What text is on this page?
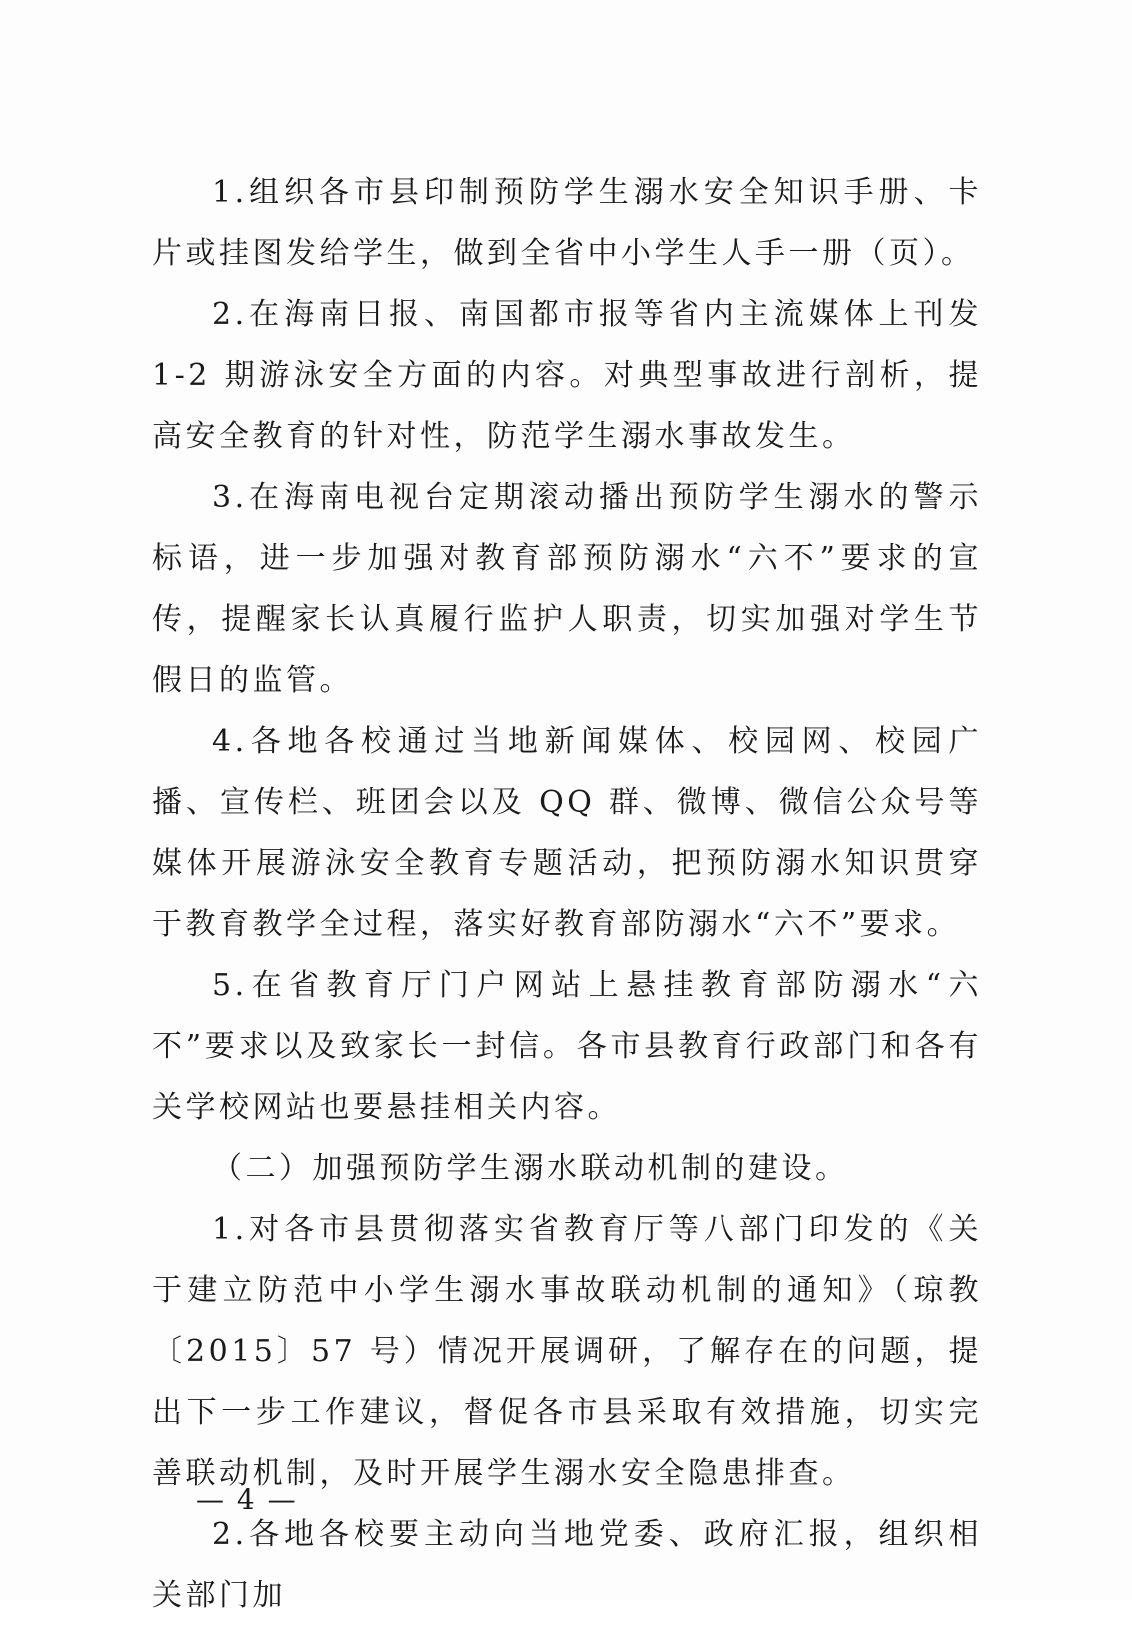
1.组织各市县印制预防学生溺水安全知识手册、卡片或挂图发给学生，做到全省中小学生人手一册（页）。

2.在海南日报、南国都市报等省内主流媒体上刊发 1-2 期游泳安全方面的内容。对典型事故进行剖析，提高安全教育的针对性，防范学生溺水事故发生。

3.在海南电视台定期滚动播出预防学生溺水的警示标语，进一步加强对教育部预防溺水“六不”要求的宣传，提醒家长认真履行监护人职责，切实加强对学生节假日的监管。

4.各地各校通过当地新闻媒体、校园网、校园广播、宣传栏、班团会以及 QQ 群、微博、微信公众号等媒体开展游泳安全教育专题活动，把预防溺水知识贯穿于教育教学全过程，落实好教育部防溺水“六不”要求。

5.在省教育厅门户网站上悬挂教育部防溺水“六不”要求以及致家长一封信。各市县教育行政部门和各有关学校网站也要悬挂相关内容。

（二）加强预防学生溺水联动机制的建设。

1.对各市县贯彻落实省教育厅等八部门印发的《关于建立防范中小学生溺水事故联动机制的通知》（琼教〔2015〕57 号）情况开展调研，了解存在的问题，提出下一步工作建议，督促各市县采取有效措施，切实完善联动机制，及时开展学生溺水安全隐患排查。

2.各地各校要主动向当地党委、政府汇报，组织相关部门加

— 4 —
